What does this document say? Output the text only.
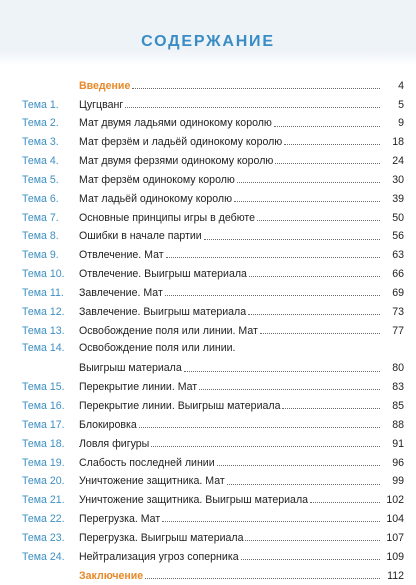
СОДЕРЖАНИЕ
Введение	4
Тема 1. Цугцванг	5
Тема 2. Мат двумя ладьями одинокому королю	9
Тема 3. Мат ферзём и ладьёй одинокому королю	18
Тема 4. Мат двумя ферзями одинокому королю	24
Тема 5. Мат ферзём одинокому королю	30
Тема 6. Мат ладьёй одинокому королю	39
Тема 7. Основные принципы игры в дебюте	50
Тема 8. Ошибки в начале партии	56
Тема 9. Отвлечение. Мат	63
Тема 10. Отвлечение. Выигрыш материала	66
Тема 11. Завлечение. Мат	69
Тема 12. Завлечение. Выигрыш материала	73
Тема 13. Освобождение поля или линии. Мат	77
Тема 14. Освобождение поля или линии.
Выигрыш материала	80
Тема 15. Перекрытие линии. Мат	83
Тема 16. Перекрытие линии. Выигрыш материала	85
Тема 17. Блокировка	88
Тема 18. Ловля фигуры	91
Тема 19. Слабость последней линии	96
Тема 20. Уничтожение защитника. Мат	99
Тема 21. Уничтожение защитника. Выигрыш материала	102
Тема 22. Перегрузка. Мат	104
Тема 23. Перегрузка. Выигрыш материала	107
Тема 24. Нейтрализация угроз соперника	109
Заключение	112
